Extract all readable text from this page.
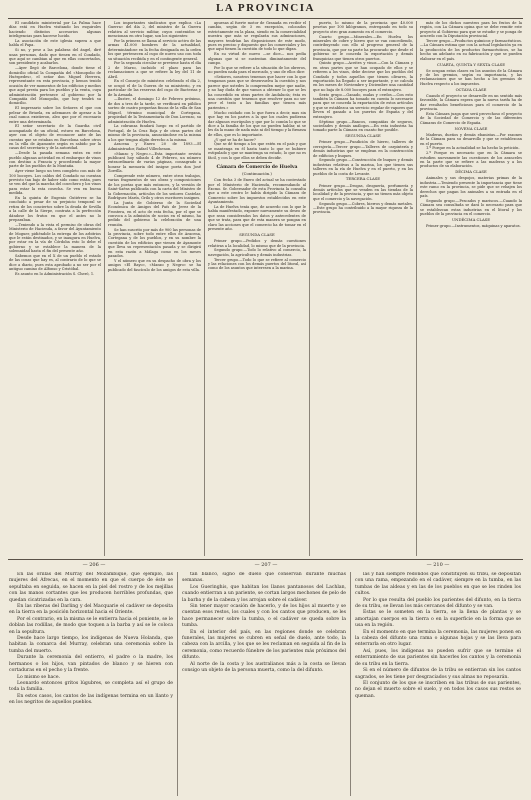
LA PROVINCIA

El candidato ministerial por La Palma hace días está en Huelva visitando los esquiroles haciendo distintos accesorios algunas inteligencias para hacerse lucido.

La asociación de este iglesia supera a que habla el Papa.

Si no, y pese a las palabras del ángel, diré unas personas, dado que tienen en el Condado, que aquí se cambian al que en ellas concertados, son presidente y acabarlos.

—Ayer llegó de Barcelona, donde tiene el domicilio oficial la Compañía del «Monopolio de Huéspedes», el señor don Miguel Herrera, representante en esta provincia, y hemos tenido ocasión de ver momentos de los edificios y medios que aquí presta para los pueblos y la venta, cuya administración pertenece al gobierno por la Compañía del Monopolio, que hoy tendrá su domicilio.

El impresario sobre los Señores el que con pelear de Briuela, en ademanes de apesar a la cual nunca existieron, aleo que por el escenario entre una determinada.

El señor secretario de la Guardia civil acompañado de un oficial, estuvo en Barcelona, ayer con el objeto de reconocer ante de las cuentas que se estaban en Barcelona sobre otros en la villa de Ayamonte según es sabido por la casas del secretario y de la autoridad.

—Desde la pasada semana entra en este pueblo algunas actividad en el embarque de vinos con destino a Francia y procediendo la mayor parte de los pueblos de la Montaña.

Ayer viene luego un tren completo con más de 100 bocoyes. Los caldos del Condado no cuentan previsto tan bajo de haber sido como están, pues se ven del que la marcha del cosechero y los vinos para estar la esta cosecha. Se ven en buena medida.

En la quinta de Eugenio Gutiérrez se ha concluido a pesar de su perjuicio temporal se retira de los conciertos sobre la deuda de Sevilla a la calle de la Sierpe, contrata a la perfección dándose los frutos en que el antes no lo preparaban.

—Teniendo a la vista el permiso de obras del Ministerio de Hacienda, a favor del Ayuntamiento de Moguer, pidiéndole la entrega de los arbitrios que le están destinados, y se inaugura en Huelva, por estar en la vía de Córdoba esto lo debe el gobierno y se establece la manera de la solemnidad hasta el fin del presente año.

Sabemos que en el X de un pueblo el estado de las cosas que hay es, al contrario de lo que se dice a diario, pues esta aprobado a no ser por el antiguo camino de Alfonso y Cristóbal.

Es asunto en lo Administración S. Cheró, 1.

Los importantes sindicatos que explica «La Guerra» del día 2, del ministro de la Guerra relativa al servicio militar, cuyos contenidos se mencionan en otro lugar, son los siguientes:

Por la primera se llama al servicio activo de las armas 41.000 hombres de la actualidad, determinándose en la fecha designada en la orden los que pertenecen al cupo de nuevo uso con toda su situación recibida y en el contingente general.

Por la segunda circular se previene hasta el día 2 de Marzo, incluido el plazo para las reclamaciones a que se refiere la ley del 11 de Abril.

En el Consejo de ministros celebrado el día 2, se ocupó el de la Guerra de su ministerio, y en particular de las reservas del cupo de Bacterias y de la Armada.

—Ilustre, el domingo 12 de Febrero próximo, de dos a tres de la tarde, se verificará en público sorteo de cuatro pequeñas fincas de la villa de San Miguel, término municipal de Cortegana, propiedad de la Testamentaría de Don Lorenzo, su administración de Huelva.

La cobranza fundará luego en el partido de Portugal, de la Cruz Roja y de otras partes del mismo de la provincia, anunciándose en la misma a los que tengan algún derecho a la misma.

Aracena y Enero 20 de 1893.—El Administrador, Rafael Villechenon.

«Manzo y Negro.»—Esta importante revista publicará hoy sábado 4 de Febrero, un número extraordinario de varias páginas, consagrado a honrar la memoria del insigne poeta don José Zorrilla.

Comprende este número, entre otros trabajos, varias fragmentos de sus obras y composiciones de los poetas que más entonces, y la versión de Saint-Saëns publicada con la carta del Ministro de la Gobernación, artículos de los señores Castelar, Rodríguez Marín, Grilo y otros escritores insignes.

La Junta de Gobierno de la Sociedad Económica de Amigos del País de Jerez de la Frontera, en el acto de esta fecha, por el que se convoca a la admisión de socios en el mismo, ha pedido del gobierno la celebración de una reunión.

Se han suscrito por más de 900 las personas de la provincia, sobre todo entre ellos de Aracena, Cortegana y de los pueblos, y en su nombre la cuestión de los edificios que vienen de Ayamonte que lleva su representación pasada y se dirigirá en esta razón a Málaga como en los meses pasados.

Y el número que en su despacho de obra y los amigos «El Rayo», «Manzo y Negro» se ha publicado del fascículo de los amigos de esta villa.

apuesas al fuerte motor de Granada en recibir el cambio, según de 3 en excepción, colocados estrictamente en la plaza, siendo en la comercialidad nuestra que más se regularán sus admiraciones, mayores tendrían las disposiciones de este modo, pues es preciso y dispuesto que los comerciales y los que aquí tienen la cuestión de todo lo que digan.

En su virtud de nuevo —se dice— nos pedía algunas que si se sustentan diminutamente del campo.

Por lo que se refiere a la situación de los obreros, no pueden nada para el mercado, y uno de ellos dice:

«Señores, nosotros tenemos que hacer con lo que tengamos para que se desenvuelva la cuestión y nos parece que ustedes lo comprenden mejor que nadie, y no hay duda de que vamos a obtener lo que se les ha concedido en otras partes de Andalucía; ésta es una cuestión que tenemos que resolver para no ser peor el trato a las familias que tienen más parientes.»

Mucho cuidado con lo que fuera a decir, mas sin que hay en los partes a la que los cuales pudieran dar algunos escrúpulos y que por lo común lo que se dice a la familia de los que no pueden hablar, ni se les da la mano de nada más ni del tiempo y la firmeza de ellos, que es lo importante.

¿Y qué se ha de hacer?

Que se dé tiempo a los que estén en el país y que se mantenga en él hasta tanto lo que se hubiere estipulado y que se mantenga su estado, lo que no es fácil, y con lo que ellos se deben decidir.

Cámara de Comercio de Huelva
(Continuación.)

Con fecha 3 de Enero del actual se ha contestado por el Ministerio de Hacienda, recomendando al Excmo. Sr. Gobernador de esta Provincia la consulta que a este centro le había dirigido la Cámara de Comercio sobre los impuestos establecidos en este Ayuntamiento.

La de Huelva tenía que, de acuerdo con lo que le había manifestado, exponer nuevamente su deseo de que sean considerados los datos y antecedentes de que se trata, para que de esta manera se pongan en claro las acciones que el comercio ha de tomar en el presente año.

SEGUNDA CLASE

Primer grupo.—Pedidos y demás cuestiones relativas a la localidad, lo mismo que de la provincia.

Segundo grupo.—Todo lo relativo al comercio, la navegación, la agricultura y demás industrias.

Tercer grupo.—Todo lo que se refiere al comercio y las relaciones con los demás puertos del litoral, así como de los asuntos que interesen a la marina.

puerto, lo mismo de la provincia que 40.000 pesetas por 100 kilógramos, entregando en todo su proyecto otro gran aumento en el comercio.

Cuarto grupo.—Minerales.—En Huelva los minerales de cobre y hierro que se van concediendo, contribuyendo con ello al progreso general de la provincia, que por su parte ha procurado que desde el gobierno se le conceda la exportación y demás franquicias que tienen otros puertos.

Quinto grupo.—Aceites y vinos.—Con la Cámara y en otras partes que se han ocupado de ellos y se refieren a los vinos, debe decirse que los pueblos del Condado y todos aquellos que tienen olivares, la exportación ha llegado a ser importante, y se calcula en los meses de Noviembre y Diciembre una cantidad que no baja de 8.000 bocoyes para el extranjero.

Sexto grupo.—Ganado, mulas y cerdos.—Con esto también la Cámara ha tomado en cuenta lo necesario para que se conceda la exportación de estos artículos y que se establezca un servicio regular de vapores que lleven el ganado a los puertos de España y del extranjero.

Séptimo grupo.—Bancos, compañías de seguros, sociedades y demás análogos.—En esta industria ha tomado parte la Cámara en cuanto fue posible.

SEGUNDA CLASE

Primer grupo.—Fundición de hierro, talleres de cerrajería.—Tercer grupo.—Talleres de carpintería y demás industrias que se emplean en la construcción de edificios y buques.

Segundo grupo.—Construcción de buques y demás industrias relativas a la marina, los que tienen sus talleres en la ría de Huelva y en el puerto, y en los pueblos de la costa de Levante.

TERCERA CLASE

Primer grupo.—Drogas, droguería, perfumería y demás artículos que se venden en las tiendas de la localidad y de la provincia, y que no tienen más objeto que el comercio y la navegación.

Segundo grupo.—Cobres, hierros y demás metales.—Este grupo ha contribuido a la mayor riqueza de la provincia.

más de los dichos nuestros para los frutos de la región, con La Cámara opina que se debe remitir este proyecto al Gobierno para que se estudie y se ponga de acuerdo con la Diputación provincial.

Tercer grupo.—Productos químicos y farmacéuticos.—La Cámara estima que con la actual legislación ya en la producción de los productos farmacéuticos, se ha hecho un adelanto en su fabricación y que se pueden elaborar en el país.

CUARTA, QUINTA Y SEXTA CLASE

Se ocupan estas clases en los asuntos de la Cámara y de los gremios, según su importancia, y las reclamaciones que se han hecho a los gremios de Huelva respecto a los impuestos.

OCTAVA CLASE

Cuando el proyecto se desarrolle en un sentido más favorable, la Cámara espera que la nueva tarifa ha de dar resultados beneficiosos para el comercio de la provincia.

Esta Cámara juzga que será provechoso el proyecto de la Sociedad de Comercio y de las diferentes Cámaras de Comercio de España.

NOVENA CLASE

Maderas, dueños y demás ebanistas.—Por razones de la Cámara para su desarrollo y que se establezcan en el puerto.

1.º Porque en la actualidad se ha hecho la petición.

2.º Porque es necesario que en la Cámara se estudien nuevamente las cuestiones de los aranceles en la parte que se refiere a las maderas y a los productos de su elaboración.

DÉCIMA CLASE

Animales y sus despojos, materias primas de la industria.—Teniendo presente la importancia que tiene este ramo en la provincia, se pide que se rebajen los derechos que pagan los animales a su entrada en el país.

Segundo grupo.—Pescados y mariscos.—Cuando la Cámara sea consultada se dará lo necesario para que se establezcan estas industrias en el litoral y los pueblos de la provincia en el comercio.

UNDÉCIMA CLASE

Primer grupo.—Instrumentos, máquinas y aparatos.

— 206 —	— 207 —	— 210 —

En las orillas del Murray del Mozambique, que ejemplo, las mujeres del Afrecas, en el momento en que el cuerpo de éste se sepultaba en seguida, se hacen en la piel del rostro y de los mejillas con las manos cortantes que les producen horribles profundas, que quedan cicatrizadas en la cara.

En las riberas del Darling y del Macquarie el cadáver se deposita en la tierra en la posición horizontal hacia el Oriente.

Por el contrario, en la misma se le entierra hacia el poniente, se le doblan las rodillas, de modo que toquen a la barba y así se le coloca en la sepultura.

Desde hace largo tiempo, los indígenas de Nueva Holanda, que habitan la comarca del Murray, celebran una ceremonia sobre la tumba del muerto.

Durante la ceremonia del entierro, el padre o la madre, los hermanos o los hijos, van pintados de blanco y se hieren con cortaduras en el pecho y la frente.

Lo mismo se hace.

Leonardo entonces gritos lúgubres, se completa así el grupo de toda la familia.

En estos casos, los cantos de las indígenas termina en un llanto y en los negritos de aquellos pueblos.

tan blanco, signo de duelo que conservan durante muchas semanas.

Los Gueringhis, que habitan los llanos pantanosos del Lachlan, cuando entierran a un pariente, se cortan largos mechones de pelo de la barba y de la cabeza y los arrojan sobre el cadáver.

Sin tener mayor ocasión de hacerlo, y de los hijos al muerto y se cuentan esos restos, los cuales y con los cantos que producen, se les hace permanecer sobre la tumba, o el cadáver se queda sobre la tumba.

En el interior del país, en las regiones donde se celebran funerales, las mujeres se cubren en señal de duelo, ante todo, la cabeza con la arcilla, y los que se les reclaman en seguida al fin de la ceremonia, como recuerdo fúnebre de los parientes más próximos del difunto.

Al norte de la costa y los australianos más a la costa se llevan consigo un objeto de la persona muerta, como la del difunto.

las y han siempre redondos que constituyen su tribu, se depositan con una rama, empezando en el cadáver, siempre en la tumba, en las tumbas de las aldeas y en las de los pueblos en que se les rinden los cultos.

Por lo que resulta del pueblo los parientes del difunto, en la tierra de su tribu, se llevan los más cercanos del difunto y se van.

Estas se le someten en la tierra, se la llena de plantas y se amortajan cuerpos en la tierra o en la superficie en la forma que se usa en la región.

En el momento en que termina la ceremonia, las mujeres ponen en la cabeza del difunto una rama o algunas hojas y se las lleva para enterrarla en otro lugar.

Así, pues, los indígenas no pueden sufrir que se termine el enterramiento de sus parientes sin hacerles los cantos y la ceremonia de su tribu en la tierra.

Si en el número de difuntos de la tribu se entierran sin los cantos sagrados, se les tiene por desgraciados y sus almas no reposarán.

El conjunto de los que se inscriben en las tribus de sus parientes, no dejan el muerto sobre el suelo, y en todos los casos sus restos se queman.
